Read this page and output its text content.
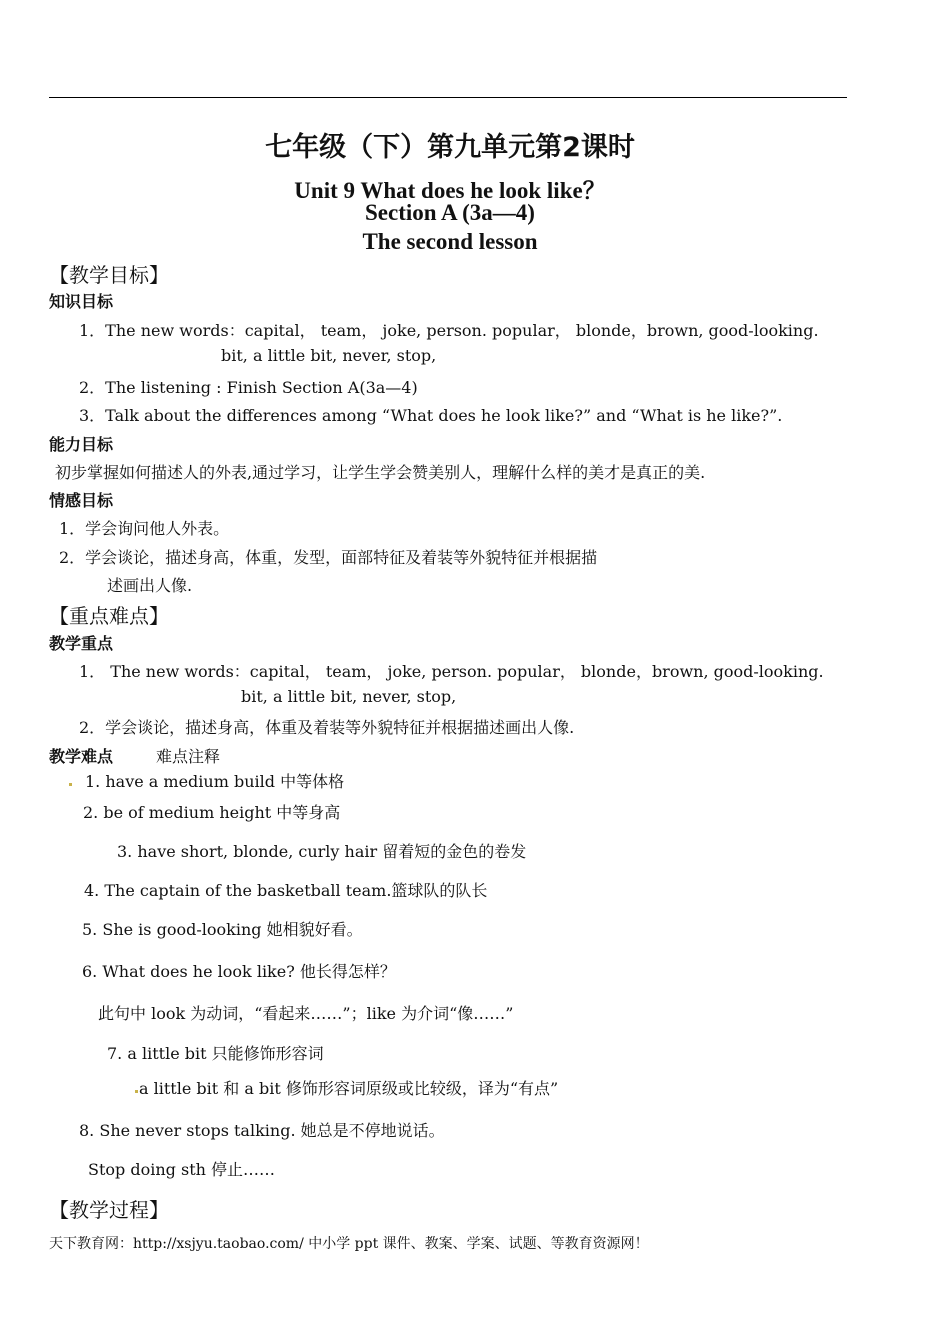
七年级（下）第九单元第2课时
Unit 9 What does he look like？
Section A (3a—4)
The second lesson
【教学目标】
知识目标
1．The new words：capital， team， joke, person. popular， blonde，brown, good-looking.
bit, a little bit, never, stop,
2．The listening : Finish Section A(3a—4)
3．Talk about the differences among “What does he look like?” and “What is he like?”.
能力目标
初步掌握如何描述人的外表,通过学习，让学生学会赞美别人，理解什么样的美才是真正的美.
情感目标
1．学会询问他人外表。
2．学会谈论，描述身高，体重，发型，面部特征及着装等外貌特征并根据描
述画出人像.
【重点难点】
教学重点
1． The new words：capital， team， joke, person. popular， blonde，brown, good-looking.
bit, a little bit, never, stop,
2．学会谈论，描述身高，体重及着装等外貌特征并根据描述画出人像.
教学难点	难点注释
1. have a medium build 中等体格
2. be of medium height 中等身高
3. have short, blonde, curly hair 留着短的金色的卷发
4. The captain of the basketball team.篮球队的队长
5. She is good-looking 她相貌好看。
6. What does he look like? 他长得怎样？
此句中 look 为动词，“看起来……”；like 为介词“像……”
7. a little bit 只能修饰形容词
a little bit 和 a bit 修饰形容词原级或比较级，译为“有点”
8. She never stops talking. 她总是不停地说话。
Stop doing sth 停止……
【教学过程】
天下教育网：http://xsjyu.taobao.com/ 中小学 ppt 课件、教案、学案、试题、等教育资源网！
